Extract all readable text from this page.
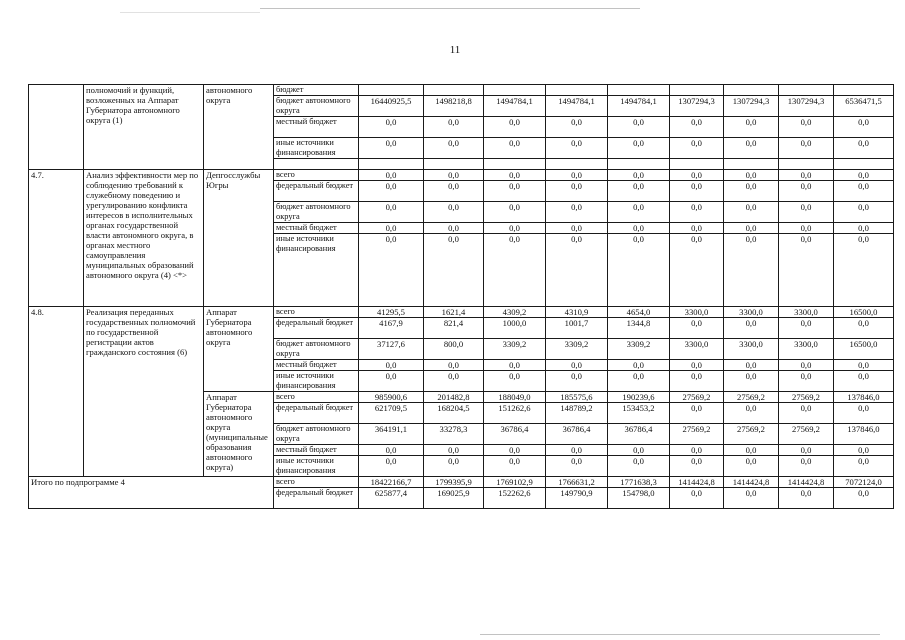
11
	полномочий и функций, возложенных на Аппарат Губернатора автономного округа (1)	автономного округа	бюджет									
			бюджет автономного округа	16440925,5	1498218,8	1494784,1	1494784,1	1494784,1	1307294,3	1307294,3	1307294,3	6536471,5
			местный бюджет	0,0	0,0	0,0	0,0	0,0	0,0	0,0	0,0	0,0
			иные источники финансирования	0,0	0,0	0,0	0,0	0,0	0,0	0,0	0,0	0,0

4.7.	Анализ эффективности мер по соблюдению требований к служебному поведению и урегулированию конфликта интересов в исполнительных органах государственной власти автономного округа, в органах местного самоуправления муниципальных образований автономного округа (4) <*>	Депгосслужбы Югры	всего	0,0	0,0	0,0	0,0	0,0	0,0	0,0	0,0	0,0
			федеральный бюджет	0,0	0,0	0,0	0,0	0,0	0,0	0,0	0,0	0,0
			бюджет автономного округа	0,0	0,0	0,0	0,0	0,0	0,0	0,0	0,0	0,0
			местный бюджет	0,0	0,0	0,0	0,0	0,0	0,0	0,0	0,0	0,0
			иные источники финансирования	0,0	0,0	0,0	0,0	0,0	0,0	0,0	0,0	0,0
4.8.	Реализация переданных государственных полномочий по государственной регистрации актов гражданского состояния (6)	Аппарат Губернатора автономного округа	всего	41295,5	1621,4	4309,2	4310,9	4654,0	3300,0	3300,0	3300,0	16500,0
			федеральный бюджет	4167,9	821,4	1000,0	1001,7	1344,8	0,0	0,0	0,0	0,0
			бюджет автономного округа	37127,6	800,0	3309,2	3309,2	3309,2	3300,0	3300,0	3300,0	16500,0
			местный бюджет	0,0	0,0	0,0	0,0	0,0	0,0	0,0	0,0	0,0
			иные источники финансирования	0,0	0,0	0,0	0,0	0,0	0,0	0,0	0,0	0,0
		Аппарат Губернатора автономного округа (муниципальные образования автономного округа)	всего	985900,6	201482,8	188049,0	185575,6	190239,6	27569,2	27569,2	27569,2	137846,0
			федеральный бюджет	621709,5	168204,5	151262,6	148789,2	153453,2	0,0	0,0	0,0	0,0
			бюджет автономного округа	364191,1	33278,3	36786,4	36786,4	36786,4	27569,2	27569,2	27569,2	137846,0
			местный бюджет	0,0	0,0	0,0	0,0	0,0	0,0	0,0	0,0	0,0
			иные источники финансирования	0,0	0,0	0,0	0,0	0,0	0,0	0,0	0,0	0,0
Итого по подпрограмме 4			всего	18422166,7	1799395,9	1769102,9	1766631,2	1771638,3	1414424,8	1414424,8	1414424,8	7072124,0
			федеральный бюджет	625877,4	169025,9	152262,6	149790,9	154798,0	0,0	0,0	0,0	0,0
